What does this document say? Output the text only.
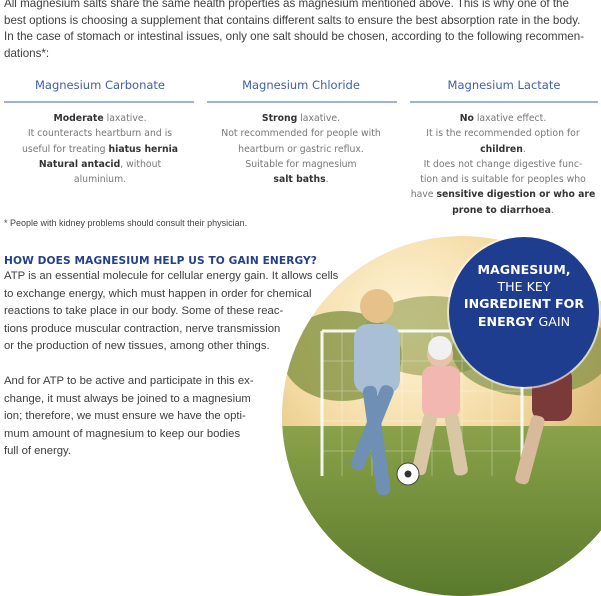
All magnesium salts share the same health properties as magnesium mentioned above. This is why one of the
best options is choosing a supplement that contains different salts to ensure the best absorption rate in the body.
In the case of stomach or intestinal issues, only one salt should be chosen, according to the following recommen-
dations*:
Magnesium Carbonate
Moderate laxative.
It counteracts heartburn and is
useful for treating hiatus hernia
Natural antacid, without
aluminium.
Magnesium Chloride
Strong laxative.
Not recommended for people with
heartburn or gastric reflux.
Suitable for magnesium
salt baths.
Magnesium Lactate
No laxative effect.
It is the recommended option for
children.
It does not change digestive func-
tion and is suitable for peoples who
have sensitive digestion or who are
prone to diarrhoea.
* People with kidney problems should consult their physician.
HOW DOES MAGNESIUM HELP US TO GAIN ENERGY?
ATP is an essential molecule for cellular energy gain. It allows cells
to exchange energy, which must happen in order for chemical
reactions to take place in our body. Some of these reac-
tions produce muscular contraction, nerve transmission
or the production of new tissues, among other things.
And for ATP to be active and participate in this ex-
change, it must always be joined to a magnesium
ion; therefore, we must ensure we have the opti-
mum amount of magnesium to keep our bodies
full of energy.
MAGNESIUM,
THE KEY
INGREDIENT FOR
ENERGY GAIN
